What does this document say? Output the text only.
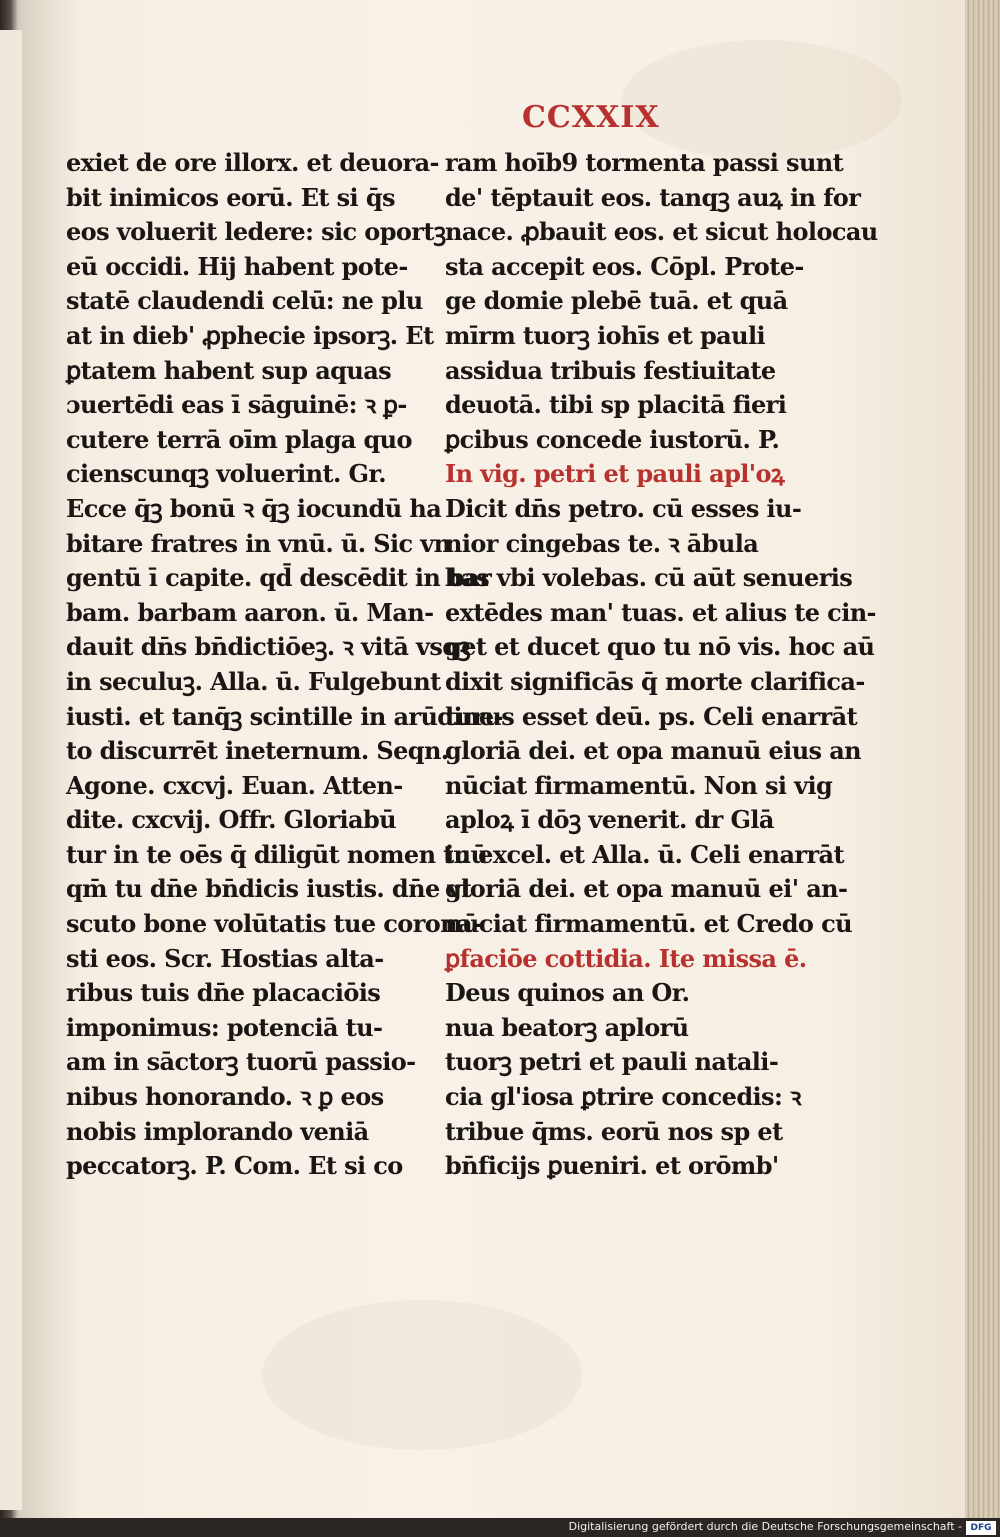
CCXXIX
exiet de ore illorx. et deuora-
bit inimicos eorū. Et si q̄s
eos voluerit ledere: sic oportꝫ
eū occidi. Hij habent pote-
statē claudendi celū: ne plu
at in dieb' ꝓphecie ipsorꝫ. Et
ꝑtatem habent sup aquas
ɔuertēdi eas ī sāguinē: ꝛ ꝑ-
cutere terrā oīm plaga quo
cienscunqꝫ voluerint. Gr.
Ecce q̄ꝫ bonū ꝛ q̄ꝫ iocundū ha
bitare fratres in vnū. ū. Sic vn
gentū ī capite. qd̄ descēdit in bar
bam. barbam aaron. ū. Man-
dauit dn̄s bn̄dictiōeꝫ. ꝛ vitā vsqꝫ
in seculuꝫ. Alla. ū. Fulgebunt
iusti. et tanq̄ꝫ scintille in arūdine-
to discurrēt ineternum. Seqn.
Agone. cxcvj. Euan. Atten-
dite. cxcvij. Offr. Gloriabū
tur in te oēs q̄ diligūt nomen tuū
qm̄ tu dn̄e bn̄dicis iustis. dn̄e vt
scuto bone volūtatis tue corona-
sti eos. Scr. Hostias alta-
ribus tuis dn̄e placaciōis
imponimus: potenciā tu-
am in sāctorꝫ tuorū passio-
nibus honorando. ꝛ ꝑ eos
nobis implorando veniā
peccatorꝫ. P. Com. Et si co
ram hoīb9 tormenta passi sunt
de' tēptauit eos. tanqꝫ auꝝ in for
nace. ꝓbauit eos. et sicut holocau
sta accepit eos. Cōpl. Prote-
ge domie plebē tuā. et quā
mīrm tuorꝫ iohīs et pauli
assidua tribuis festiuitate
deuotā. tibi sp placitā fieri
ꝑcibus concede iustorū. P.
In vig. petri et pauli apl'oꝝ
Dicit dn̄s petro. cū esses iu-
nior cingebas te. ꝛ ābula
bas vbi volebas. cū aūt senueris
extēdes man' tuas. et alius te cin-
get et ducet quo tu nō vis. hoc aū
dixit significās q̄ morte clarifica-
turus esset deū. ps. Celi enarrāt
gloriā dei. et opa manuū eius an
nūciat firmamentū. Non si vig
aploꝝ ī dōꝫ venerit. dr Glā
in excel. et Alla. ū. Celi enarrāt
gloriā dei. et opa manuū ei' an-
nūciat firmamentū. et Credo cū
ꝑfaciōe cottidia. Ite missa ē.
Deus quinos an Or.
nua beatorꝫ aplorū
tuorꝫ petri et pauli natali-
cia gl'iosa ꝑtrire concedis: ꝛ
tribue q̄ms. eorū nos sp et
bn̄ficijs ꝑueniri. et orōmb'
Digitalisierung gefördert durch die Deutsche Forschungsgemeinschaft - DFG
